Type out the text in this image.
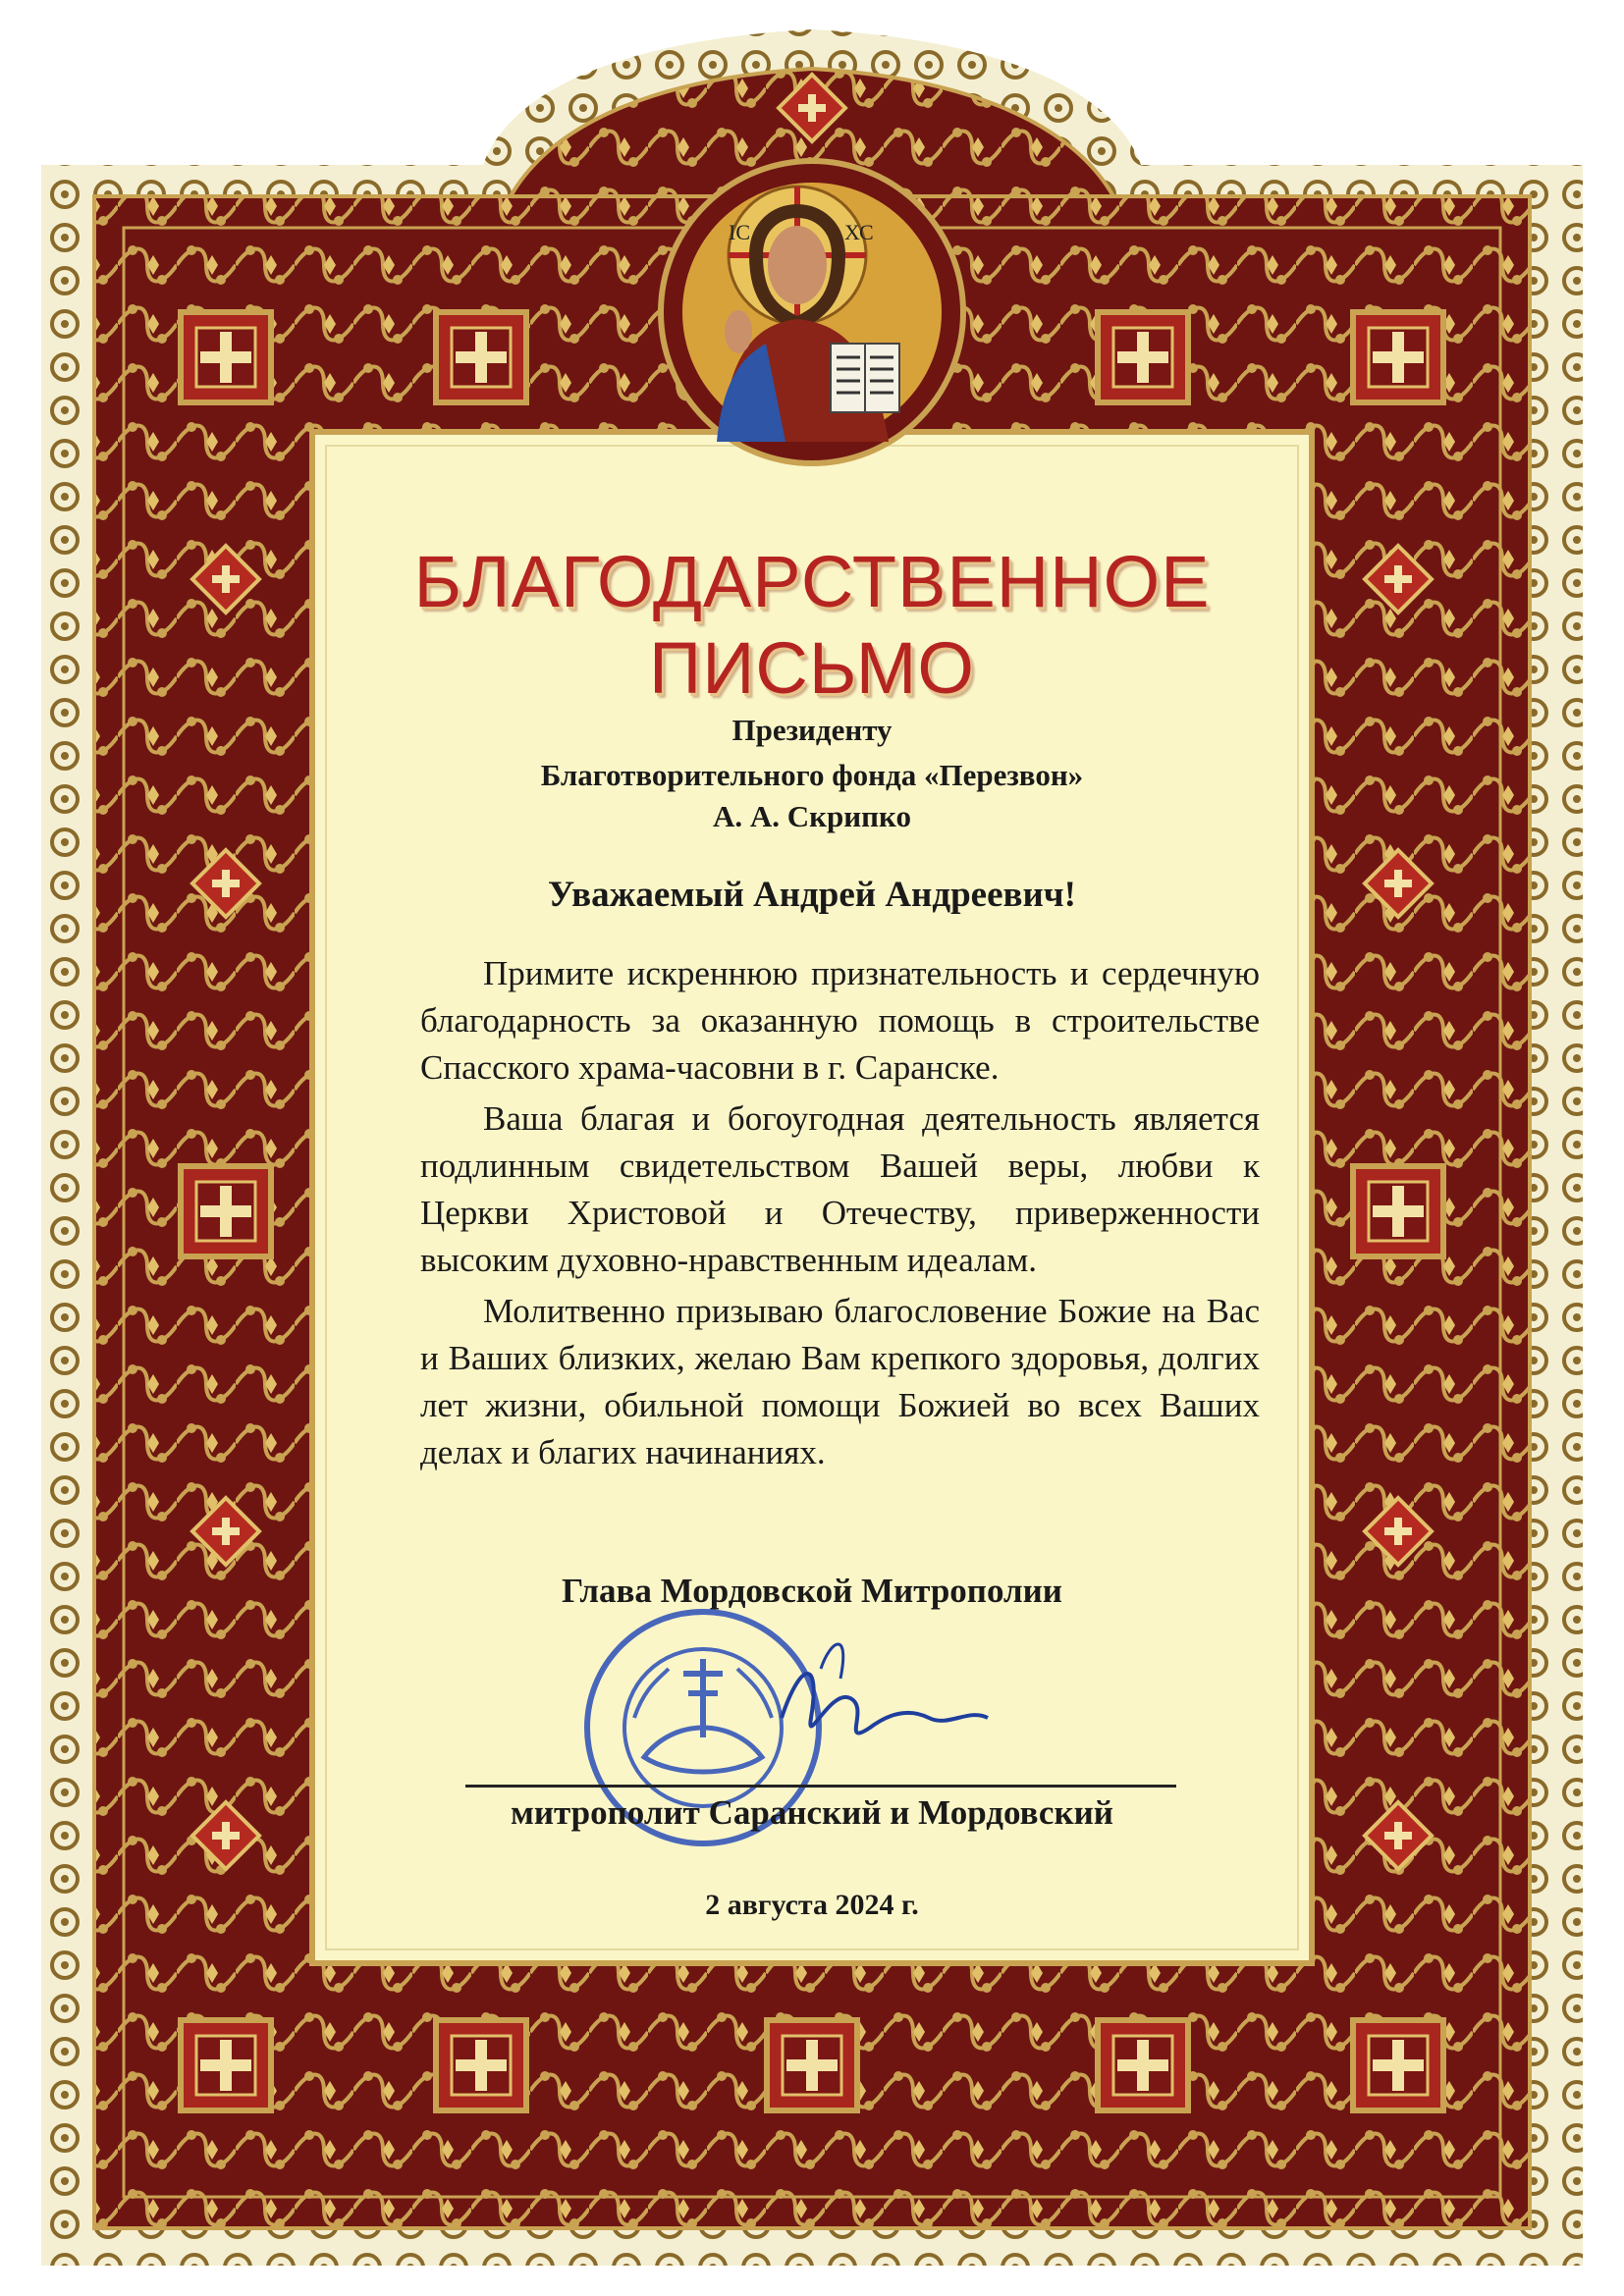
ІС	ХС
БЛАГОДАРСТВЕННОЕ
ПИСЬМО
Президенту
Благотворительного фонда «Перезвон»
А. А. Скрипко
Уважаемый Андрей Андреевич!

Примите искреннюю признательность и сердечную благодарность за оказанную помощь в строительстве Спасского храма-часовни в г. Саранске.

Ваша благая и богоугодная деятельность является подлинным свидетельством Вашей веры, любви к Церкви Христовой и Отечеству, приверженности высоким духовно-нравственным идеалам.

Молитвенно призываю благословение Божие на Вас и Ваших близких, желаю Вам крепкого здоровья, долгих лет жизни, обильной помощи Божией во всех Ваших делах и благих начинаниях.

Глава Мордовской Митрополии
митрополит Саранский и Мордовский
2 августа 2024 г.
